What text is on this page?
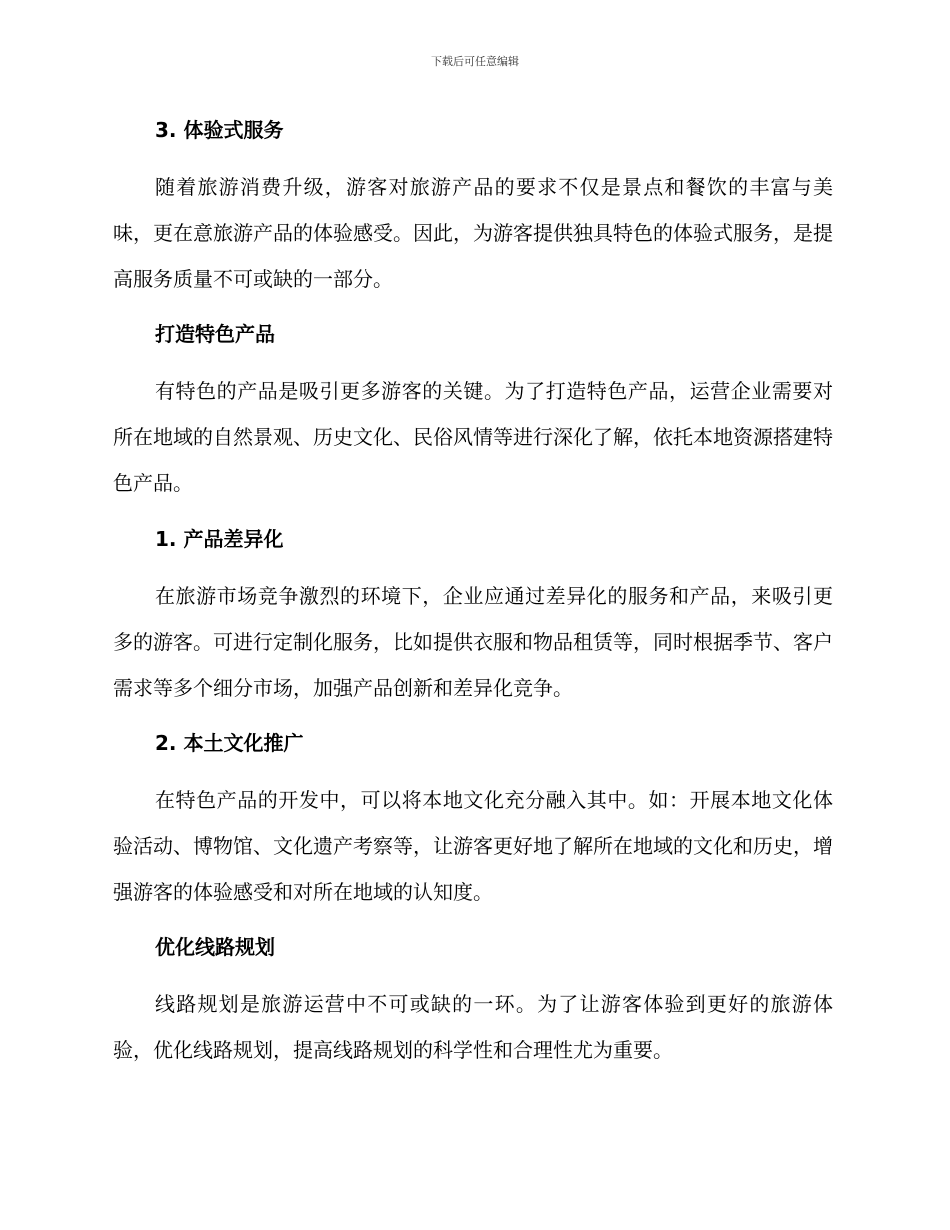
下载后可任意编辑
3. 体验式服务
随着旅游消费升级，游客对旅游产品的要求不仅是景点和餐饮的丰富与美味，更在意旅游产品的体验感受。因此，为游客提供独具特色的体验式服务，是提高服务质量不可或缺的一部分。
打造特色产品
有特色的产品是吸引更多游客的关键。为了打造特色产品，运营企业需要对所在地域的自然景观、历史文化、民俗风情等进行深化了解，依托本地资源搭建特色产品。
1. 产品差异化
在旅游市场竞争激烈的环境下，企业应通过差异化的服务和产品，来吸引更多的游客。可进行定制化服务，比如提供衣服和物品租赁等，同时根据季节、客户需求等多个细分市场，加强产品创新和差异化竞争。
2. 本土文化推广
在特色产品的开发中，可以将本地文化充分融入其中。如：开展本地文化体验活动、博物馆、文化遗产考察等，让游客更好地了解所在地域的文化和历史，增强游客的体验感受和对所在地域的认知度。
优化线路规划
线路规划是旅游运营中不可或缺的一环。为了让游客体验到更好的旅游体验，优化线路规划，提高线路规划的科学性和合理性尤为重要。
